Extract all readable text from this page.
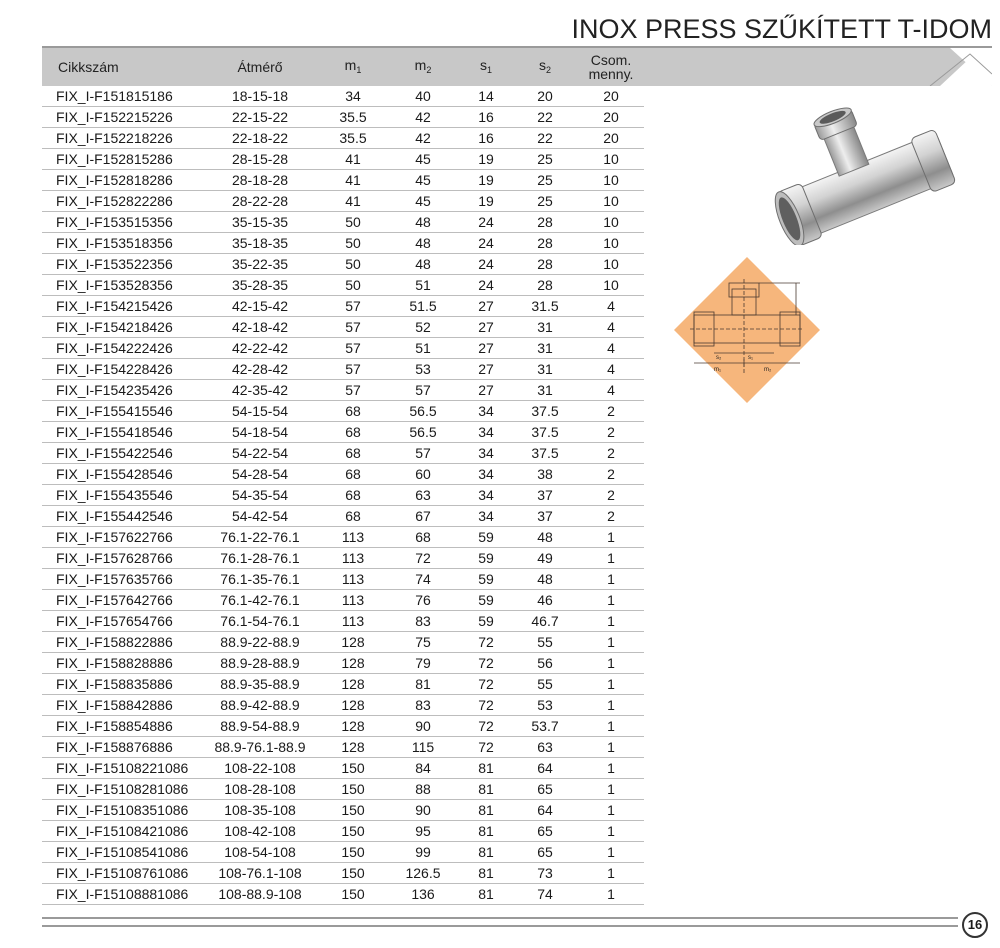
INOX PRESS SZŰKÍTETT T-IDOM
Cikkszám	Átmérő	$m_1$	$m_2$	$s_1$	$s_2$	Csom.
menny.
FIX_I-F151815186	18-15-18	34	40	14	20	20
FIX_I-F152215226	22-15-22	35.5	42	16	22	20
FIX_I-F152218226	22-18-22	35.5	42	16	22	20
FIX_I-F152815286	28-15-28	41	45	19	25	10
FIX_I-F152818286	28-18-28	41	45	19	25	10
FIX_I-F152822286	28-22-28	41	45	19	25	10
FIX_I-F153515356	35-15-35	50	48	24	28	10
FIX_I-F153518356	35-18-35	50	48	24	28	10
FIX_I-F153522356	35-22-35	50	48	24	28	10
FIX_I-F153528356	35-28-35	50	51	24	28	10
FIX_I-F154215426	42-15-42	57	51.5	27	31.5	4
FIX_I-F154218426	42-18-42	57	52	27	31	4
FIX_I-F154222426	42-22-42	57	51	27	31	4
FIX_I-F154228426	42-28-42	57	53	27	31	4
FIX_I-F154235426	42-35-42	57	57	27	31	4
FIX_I-F155415546	54-15-54	68	56.5	34	37.5	2
FIX_I-F155418546	54-18-54	68	56.5	34	37.5	2
FIX_I-F155422546	54-22-54	68	57	34	37.5	2
FIX_I-F155428546	54-28-54	68	60	34	38	2
FIX_I-F155435546	54-35-54	68	63	34	37	2
FIX_I-F155442546	54-42-54	68	67	34	37	2
FIX_I-F157622766	76.1-22-76.1	113	68	59	48	1
FIX_I-F157628766	76.1-28-76.1	113	72	59	49	1
FIX_I-F157635766	76.1-35-76.1	113	74	59	48	1
FIX_I-F157642766	76.1-42-76.1	113	76	59	46	1
FIX_I-F157654766	76.1-54-76.1	113	83	59	46.7	1
FIX_I-F158822886	88.9-22-88.9	128	75	72	55	1
FIX_I-F158828886	88.9-28-88.9	128	79	72	56	1
FIX_I-F158835886	88.9-35-88.9	128	81	72	55	1
FIX_I-F158842886	88.9-42-88.9	128	83	72	53	1
FIX_I-F158854886	88.9-54-88.9	128	90	72	53.7	1
FIX_I-F158876886	88.9-76.1-88.9	128	115	72	63	1
FIX_I-F15108221086	108-22-108	150	84	81	64	1
FIX_I-F15108281086	108-28-108	150	88	81	65	1
FIX_I-F15108351086	108-35-108	150	90	81	64	1
FIX_I-F15108421086	108-42-108	150	95	81	65	1
FIX_I-F15108541086	108-54-108	150	99	81	65	1
FIX_I-F15108761086	108-76.1-108	150	126.5	81	73	1
FIX_I-F15108881086	108-88.9-108	150	136	81	74	1
s₂	s₁
m₁	m₂
16
